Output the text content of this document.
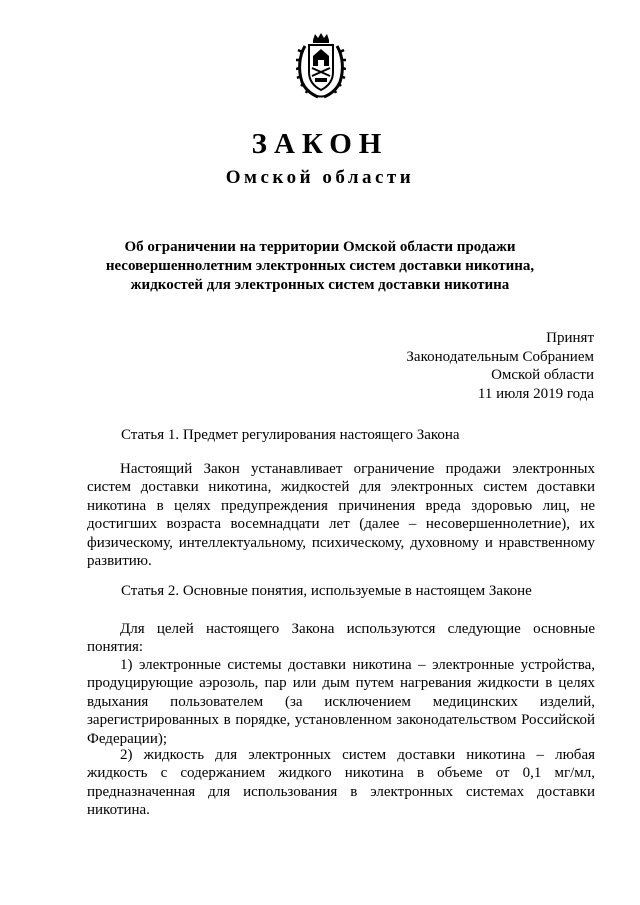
ЗАКОН
Омской области
Об ограничении на территории Омской области продажи
несовершеннолетним электронных систем доставки никотина,
жидкостей для электронных систем доставки никотина
Принят
Законодательным Собранием
Омской области
11 июля 2019 года
Статья 1. Предмет регулирования настоящего Закона

Настоящий Закон устанавливает ограничение продажи электронных систем доставки никотина, жидкостей для электронных систем доставки никотина в целях предупреждения причинения вреда здоровью лиц, не достигших возраста восемнадцати лет (далее – несовершеннолетние), их физическому, интеллектуальному, психическому, духовному и нравственному развитию.

Статья 2. Основные понятия, используемые в настоящем Законе

Для целей настоящего Закона используются следующие основные понятия:

1) электронные системы доставки никотина – электронные устройства, продуцирующие аэрозоль, пар или дым путем нагревания жидкости в целях вдыхания пользователем (за исключением медицинских изделий, зарегистрированных в порядке, установленном законодательством Российской Федерации);

2) жидкость для электронных систем доставки никотина – любая жидкость с содержанием жидкого никотина в объеме от 0,1 мг/мл, предназначенная для использования в электронных системах доставки никотина.
